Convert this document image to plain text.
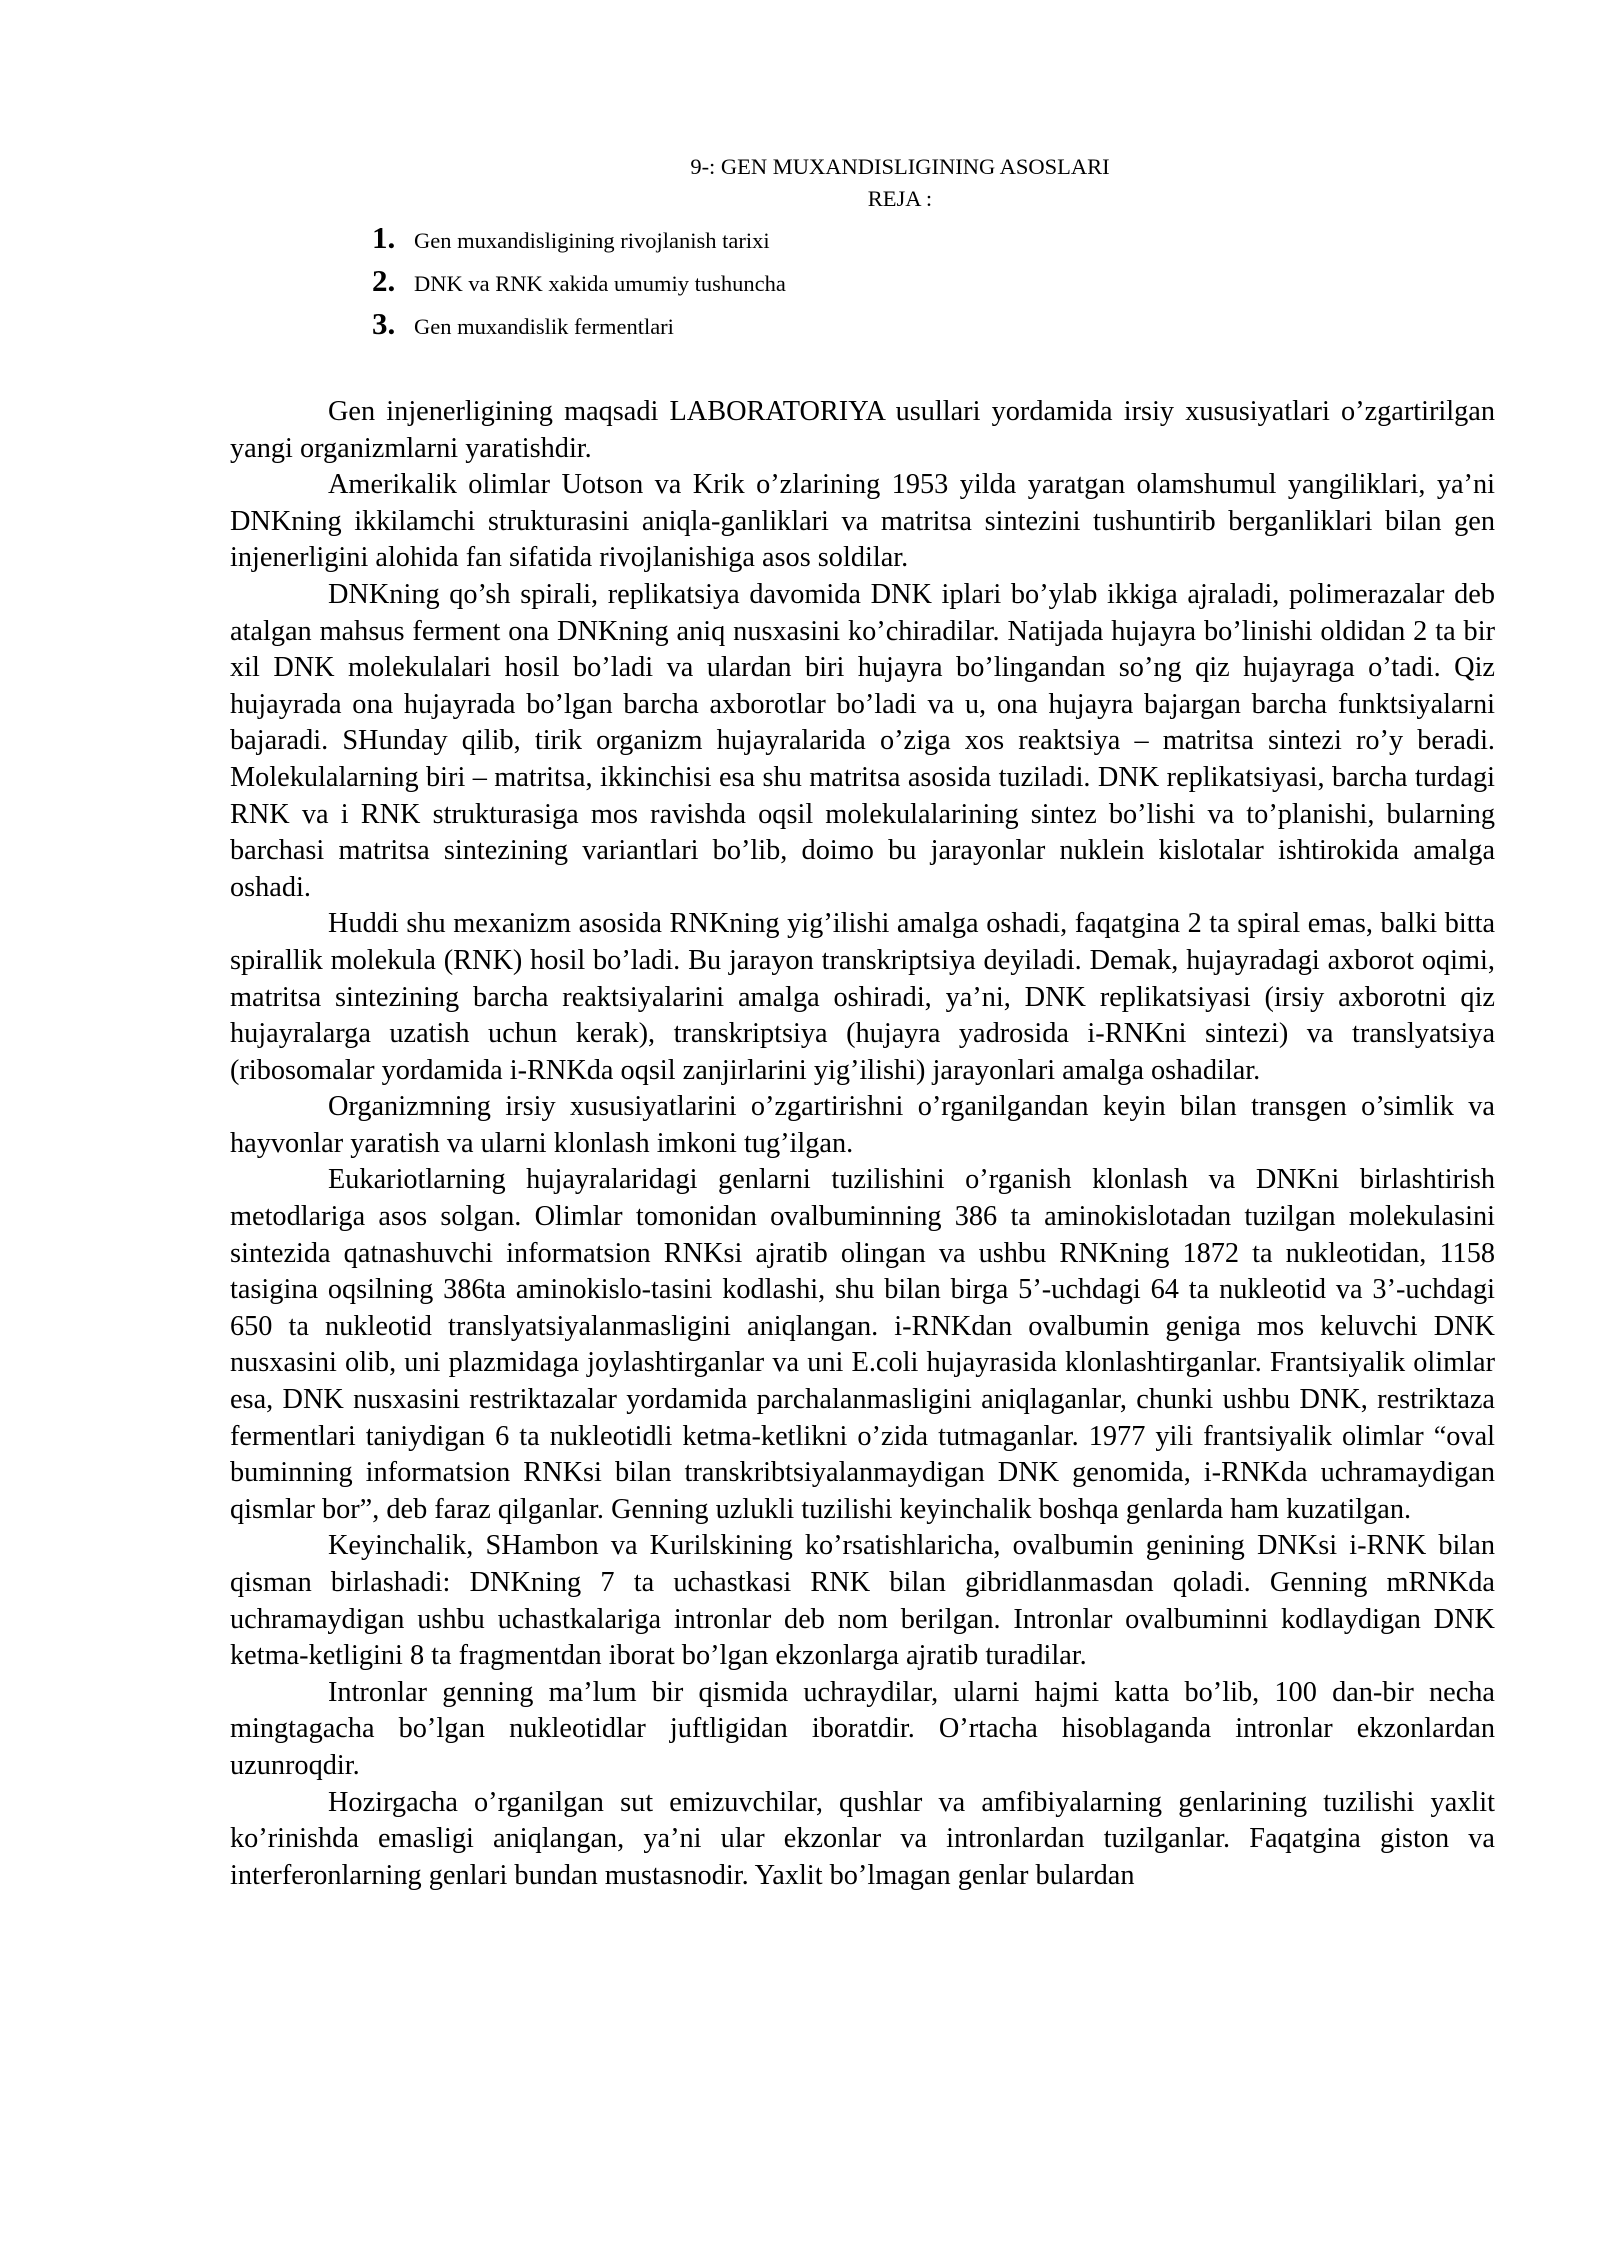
9-: GEN MUXANDISLIGINING ASOSLARI
REJA :
1. Gen muxandisligining rivojlanish tarixi
2. DNK va RNK xakida umumiy tushuncha
3. Gen muxandislik fermentlari

Gen injenerligining maqsadi LABORATORIYA usullari yordamida irsiy xususiyatlari o’zgartirilgan yangi organizmlarni yaratishdir.

Amerikalik olimlar Uotson va Krik o’zlarining 1953 yilda yaratgan olamshumul yangiliklari, ya’ni DNKning ikkilamchi strukturasini aniqla-ganliklari va matritsa sintezini tushuntirib berganliklari bilan gen injenerligini alohida fan sifatida rivojlanishiga asos soldilar.

DNKning qo’sh spirali, replikatsiya davomida DNK iplari bo’ylab ikkiga ajraladi, polimerazalar deb atalgan mahsus ferment ona DNKning aniq nusxasini ko’chiradilar. Natijada hujayra bo’linishi oldidan 2 ta bir xil DNK molekulalari hosil bo’ladi va ulardan biri hujayra bo’lingandan so’ng qiz hujayraga o’tadi. Qiz hujayrada ona hujayrada bo’lgan barcha axborotlar bo’ladi va u, ona hujayra bajargan barcha funktsiyalarni bajaradi. SHunday qilib, tirik organizm hujayralarida o’ziga xos reaktsiya – matritsa sintezi ro’y beradi. Molekulalarning biri – matritsa, ikkinchisi esa shu matritsa asosida tuziladi. DNK replikatsiyasi, barcha turdagi RNK va i RNK strukturasiga mos ravishda oqsil molekulalarining sintez bo’lishi va to’planishi, bularning barchasi matritsa sintezining variantlari bo’lib, doimo bu jarayonlar nuklein kislotalar ishtirokida amalga oshadi.

Huddi shu mexanizm asosida RNKning yig’ilishi amalga oshadi, faqatgina 2 ta spiral emas, balki bitta spirallik molekula (RNK) hosil bo’ladi. Bu jarayon transkriptsiya deyiladi. Demak, hujayradagi axborot oqimi, matritsa sintezining barcha reaktsiyalarini amalga oshiradi, ya’ni, DNK replikatsiyasi (irsiy axborotni qiz hujayralarga uzatish uchun kerak), transkriptsiya (hujayra yadrosida i-RNKni sintezi) va translyatsiya (ribosomalar yordamida i-RNKda oqsil zanjirlarini yig’ilishi) jarayonlari amalga oshadilar.

Organizmning irsiy xususiyatlarini o’zgartirishni o’rganilgandan keyin bilan transgen o’simlik va hayvonlar yaratish va ularni klonlash imkoni tug’ilgan.

Eukariotlarning hujayralaridagi genlarni tuzilishini o’rganish klonlash va DNKni birlashtirish metodlariga asos solgan. Olimlar tomonidan ovalbuminning 386 ta aminokislotadan tuzilgan molekulasini sintezida qatnashuvchi informatsion RNKsi ajratib olingan va ushbu RNKning 1872 ta nukleotidan, 1158 tasigina oqsilning 386ta aminokislo-tasini kodlashi, shu bilan birga 5’-uchdagi 64 ta nukleotid va 3’-uchdagi 650 ta nukleotid translyatsiyalanmasligini aniqlangan. i-RNKdan ovalbumin geniga mos keluvchi DNK nusxasini olib, uni plazmidaga joylashtirganlar va uni E.coli hujayrasida klonlashtirganlar. Frantsiyalik olimlar esa, DNK nusxasini restriktazalar yordamida parchalanmasligini aniqlaganlar, chunki ushbu DNK, restriktaza fermentlari taniydigan 6 ta nukleotidli ketma-ketlikni o’zida tutmaganlar. 1977 yili frantsiyalik olimlar “oval buminning informatsion RNKsi bilan transkribtsiyalanmaydigan DNK genomida, i-RNKda uchramaydigan qismlar bor”, deb faraz qilganlar. Genning uzlukli tuzilishi keyinchalik boshqa genlarda ham kuzatilgan.

Keyinchalik, SHambon va Kurilskining ko’rsatishlaricha, ovalbumin genining DNKsi i-RNK bilan qisman birlashadi: DNKning 7 ta uchastkasi RNK bilan gibridlanmasdan qoladi. Genning mRNKda uchramaydigan ushbu uchastkalariga intronlar deb nom berilgan. Intronlar ovalbuminni kodlaydigan DNK ketma-ketligini 8 ta fragmentdan iborat bo’lgan ekzonlarga ajratib turadilar.

Intronlar genning ma’lum bir qismida uchraydilar, ularni hajmi katta bo’lib, 100 dan-bir necha mingtagacha bo’lgan nukleotidlar juftligidan iboratdir. O’rtacha hisoblaganda intronlar ekzonlardan uzunroqdir.

Hozirgacha o’rganilgan sut emizuvchilar, qushlar va amfibiyalarning genlarining tuzilishi yaxlit ko’rinishda emasligi aniqlangan, ya’ni ular ekzonlar va intronlardan tuzilganlar. Faqatgina giston va interferonlarning genlari bundan mustasnodir. Yaxlit bo’lmagan genlar bulardan
